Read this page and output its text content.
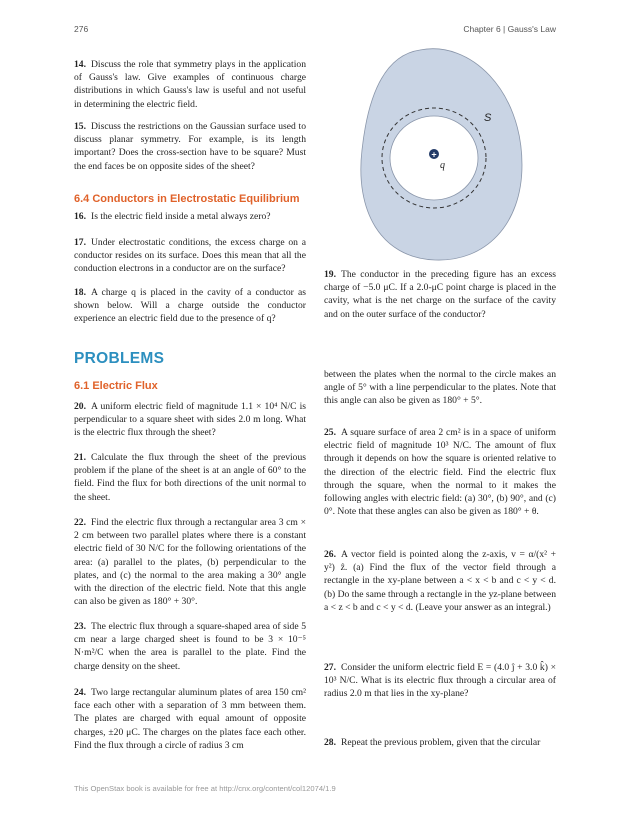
276	Chapter 6 | Gauss's Law
S
+
q

14. Discuss the role that symmetry plays in the application of Gauss's law. Give examples of continuous charge distributions in which Gauss's law is useful and not useful in determining the electric field.

15. Discuss the restrictions on the Gaussian surface used to discuss planar symmetry. For example, is its length important? Does the cross-section have to be square? Must the end faces be on opposite sides of the sheet?

6.4 Conductors in Electrostatic Equilibrium

16. Is the electric field inside a metal always zero?

17. Under electrostatic conditions, the excess charge on a conductor resides on its surface. Does this mean that all the conduction electrons in a conductor are on the surface?

18. A charge q is placed in the cavity of a conductor as shown below. Will a charge outside the conductor experience an electric field due to the presence of q?

19. The conductor in the preceding figure has an excess charge of −5.0 μC. If a 2.0-μC point charge is placed in the cavity, what is the net charge on the surface of the cavity and on the outer surface of the conductor?

PROBLEMS
6.1 Electric Flux

20. A uniform electric field of magnitude 1.1 × 10⁴ N/C is perpendicular to a square sheet with sides 2.0 m long. What is the electric flux through the sheet?

21. Calculate the flux through the sheet of the previous problem if the plane of the sheet is at an angle of 60° to the field. Find the flux for both directions of the unit normal to the sheet.

22. Find the electric flux through a rectangular area 3 cm × 2 cm between two parallel plates where there is a constant electric field of 30 N/C for the following orientations of the area: (a) parallel to the plates, (b) perpendicular to the plates, and (c) the normal to the area making a 30° angle with the direction of the electric field. Note that this angle can also be given as 180° + 30°.

23. The electric flux through a square-shaped area of side 5 cm near a large charged sheet is found to be 3 × 10⁻⁵ N·m²/C when the area is parallel to the plate. Find the charge density on the sheet.

24. Two large rectangular aluminum plates of area 150 cm² face each other with a separation of 3 mm between them. The plates are charged with equal amount of opposite charges, ±20 μC. The charges on the plates face each other. Find the flux through a circle of radius 3 cm

between the plates when the normal to the circle makes an angle of 5° with a line perpendicular to the plates. Note that this angle can also be given as 180° + 5°.

25. A square surface of area 2 cm² is in a space of uniform electric field of magnitude 10³ N/C. The amount of flux through it depends on how the square is oriented relative to the direction of the electric field. Find the electric flux through the square, when the normal to it makes the following angles with electric field: (a) 30°, (b) 90°, and (c) 0°. Note that these angles can also be given as 180° + θ.

26. A vector field is pointed along the z-axis, v = α/(x² + y²) ẑ. (a) Find the flux of the vector field through a rectangle in the xy-plane between a < x < b and c < y < d. (b) Do the same through a rectangle in the yz-plane between a < z < b and c < y < d. (Leave your answer as an integral.)

27. Consider the uniform electric field E = (4.0 ĵ + 3.0 k̂) × 10³ N/C. What is its electric flux through a circular area of radius 2.0 m that lies in the xy-plane?

28. Repeat the previous problem, given that the circular

This OpenStax book is available for free at http://cnx.org/content/col12074/1.9
